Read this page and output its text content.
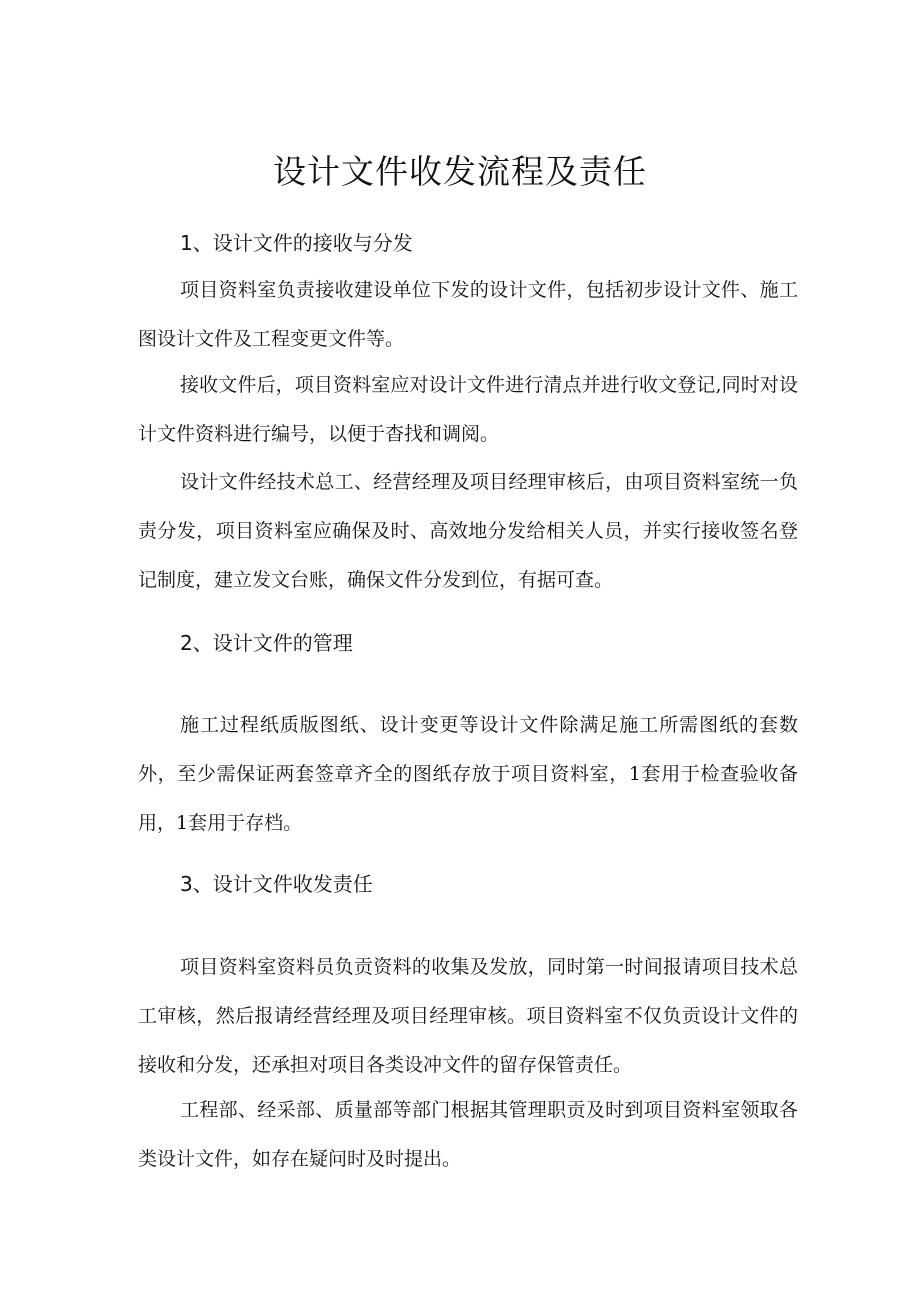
设计文件收发流程及责任
1、设计文件的接收与分发

项目资料室负责接收建设单位下发的设计文件，包括初步设计文件、施工图设计文件及工程变更文件等。

接收文件后，项目资料室应对设计文件进行清点并进行收文登记,同时对设计文件资料进行编号，以便于杳找和调阅。

设计文件经技术总工、经营经理及项目经理审核后，由项目资料室统一负责分发，项目资料室应确保及时、高效地分发给相关人员，并实行接收签名登记制度，建立发文台账，确保文件分发到位，有据可查。

2、设计文件的管理

施工过程纸质版图纸、设计变更等设计文件除满足施工所需图纸的套数外，至少需保证两套签章齐全的图纸存放于项目资料室，1套用于检查验收备用，1套用于存档。

3、设计文件收发责任

项目资料室资料员负贡资料的收集及发放，同时第一时间报请项目技术总工审核，然后报请经营经理及项目经理审核。项目资料室不仅负贡设计文件的接收和分发，还承担对项目各类设冲文件的留存保管责任。

工程部、经采部、质量部等部门根据其管理职贡及时到项目资料室领取各类设计文件，如存在疑问时及时提出。
